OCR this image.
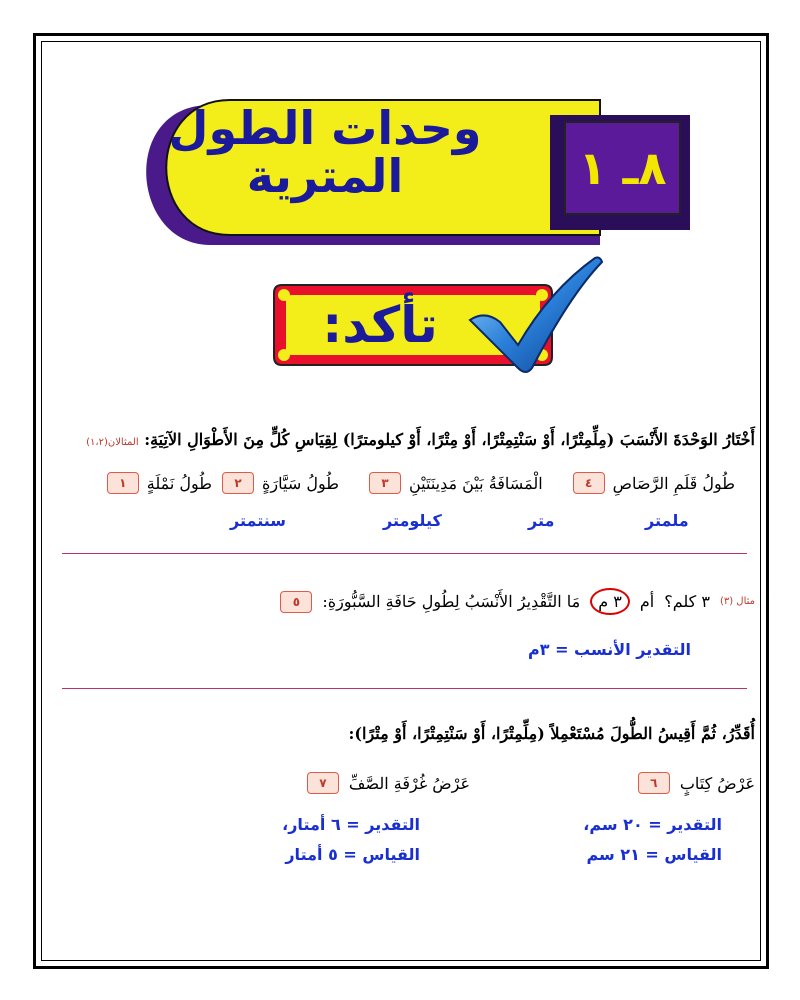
وحدات الطول
المترية	٨ـ ١
تأكد:
أَخْتَارُ الوَحْدَةَ الأَنْسَبَ (مِلِّمِتْرًا، أَوْ سَنْتِمِتْرًا، أَوْ مِتْرًا، أَوْ كيلومترًا) لِقِيَاسِ كُلٍّ مِنَ الأَطْوَالِ الآتِيَةِ: المثالان(١،٢)
١	طُولُ نَمْلَةٍ	٢	طُولُ سَيَّارَةٍ	٣	الْمَسَافَةُ بَيْنَ مَدِينَتَيْنِ	٤	طُولُ قَلَمِ الرَّصَاصِ
ملمتر
متر
كيلومتر
سنتمتر
٥	مَا التَّقْدِيرُ الأَنْسَبُ لِطُولِ حَافَةِ السَّبُّورَةِ:	٣ م	أم ٣ كلم؟ مثال (٣)
التقدير الأنسب = ٣م
أُقَدِّرُ، ثُمَّ أَقِيسُ الطُّولَ مُسْتَعْمِلاً (مِلِّمِتْرًا، أَوْ سَنْتِمِتْرًا، أَوْ مِتْرًا):
٦	عَرْضُ كِتَابٍ
٧	عَرْضُ غُرْفَةِ الصَّفِّ
التقدير = ٢٠ سم،
القياس = ٢١ سم
التقدير = ٦ أمتار،
القياس = ٥ أمتار
